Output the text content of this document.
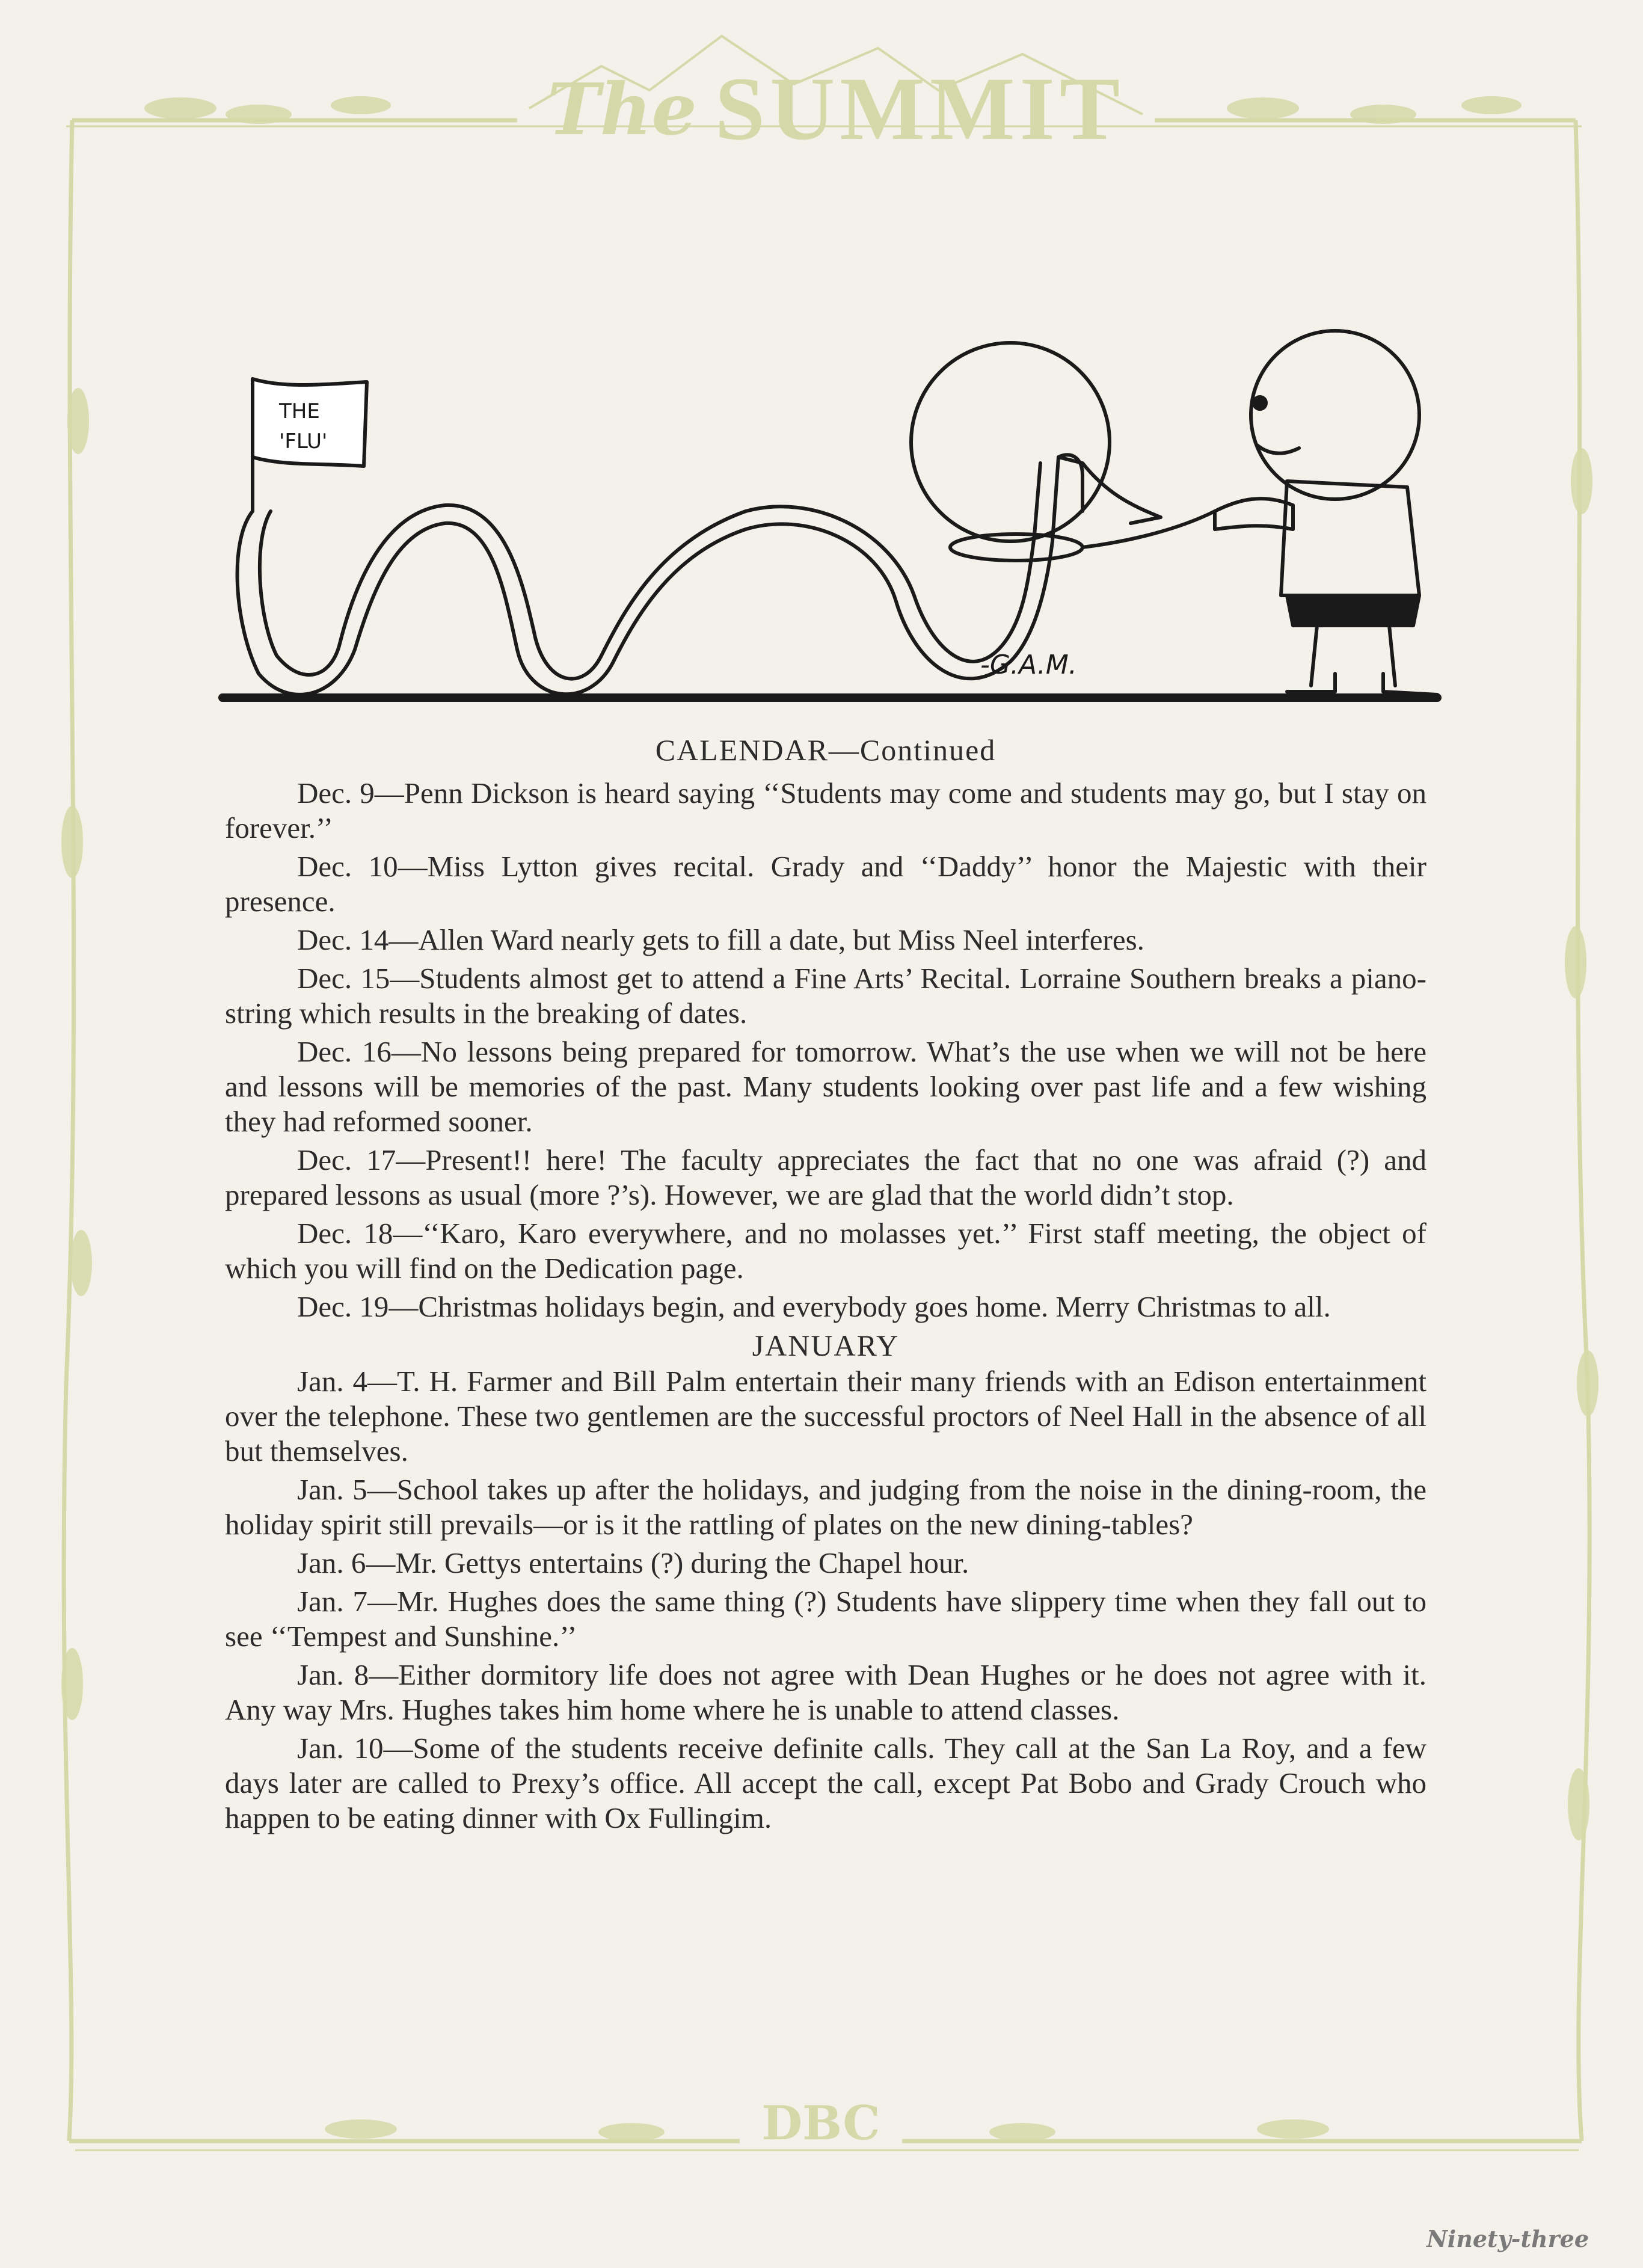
The SUMMIT
THE
'FLU'
-G.A.M.
CALENDAR—Continued

Dec. 9—Penn Dickson is heard saying ‘‘Students may come and students may go, but I stay on forever.’’

Dec. 10—Miss Lytton gives recital. Grady and ‘‘Daddy’’ honor the Majestic with their presence.

Dec. 14—Allen Ward nearly gets to fill a date, but Miss Neel interferes.

Dec. 15—Students almost get to attend a Fine Arts’ Recital. Lorraine Southern breaks a piano-string which results in the breaking of dates.

Dec. 16—No lessons being prepared for tomorrow. What’s the use when we will not be here and lessons will be memories of the past. Many students looking over past life and a few wishing they had reformed sooner.

Dec. 17—Present!! here! The faculty appreciates the fact that no one was afraid (?) and prepared lessons as usual (more ?’s). However, we are glad that the world didn’t stop.

Dec. 18—‘‘Karo, Karo everywhere, and no molasses yet.’’ First staff meeting, the object of which you will find on the Dedication page.

Dec. 19—Christmas holidays begin, and everybody goes home. Merry Christmas to all.

JANUARY

Jan. 4—T. H. Farmer and Bill Palm entertain their many friends with an Edison entertainment over the telephone. These two gentlemen are the successful proctors of Neel Hall in the absence of all but themselves.

Jan. 5—School takes up after the holidays, and judging from the noise in the dining-room, the holiday spirit still prevails—or is it the rattling of plates on the new dining-tables?

Jan. 6—Mr. Gettys entertains (?) during the Chapel hour.

Jan. 7—Mr. Hughes does the same thing (?) Students have slippery time when they fall out to see ‘‘Tempest and Sunshine.’’

Jan. 8—Either dormitory life does not agree with Dean Hughes or he does not agree with it. Any way Mrs. Hughes takes him home where he is unable to attend classes.

Jan. 10—Some of the students receive definite calls. They call at the San La Roy, and a few days later are called to Prexy’s office. All accept the call, except Pat Bobo and Grady Crouch who happen to be eating dinner with Ox Fullingim.

DBC
Ninety-three
